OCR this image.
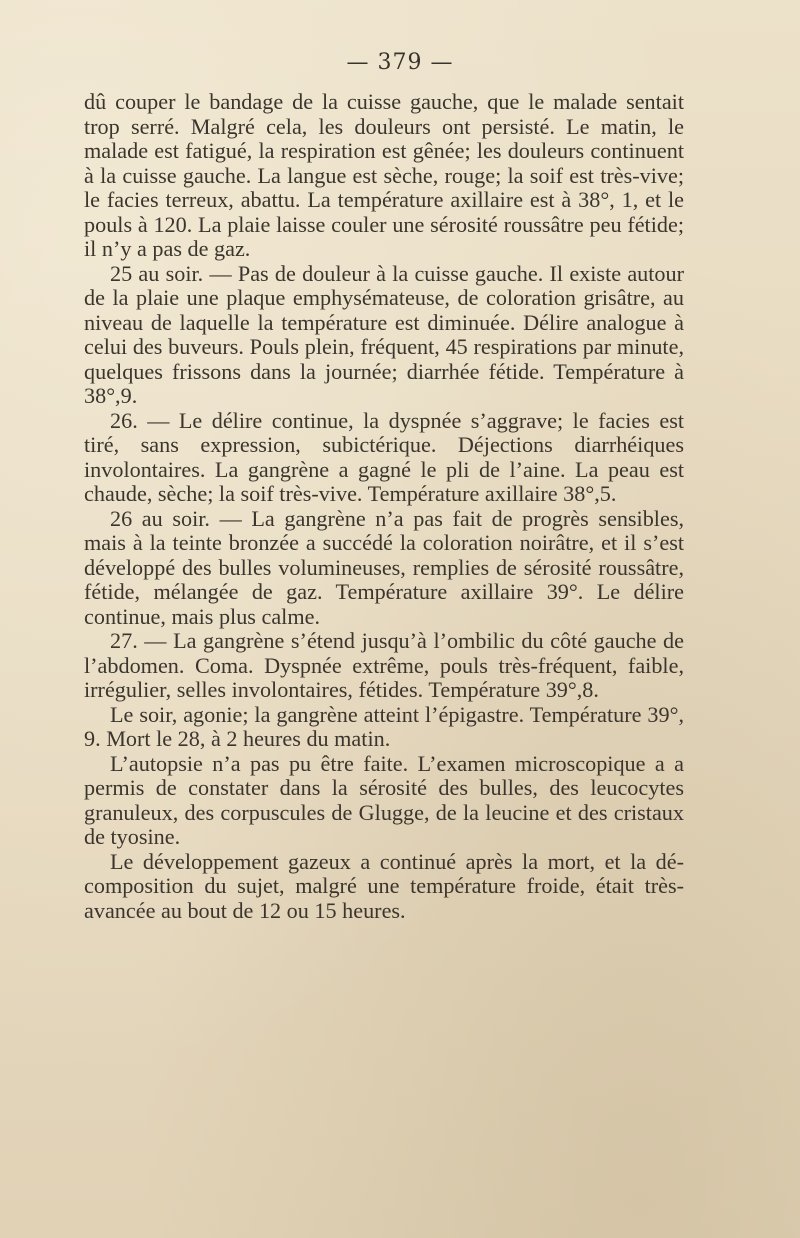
— 379 —

dû couper le bandage de la cuisse gauche, que le malade sentait trop serré. Malgré cela, les douleurs ont persisté. Le matin, le malade est fatigué, la respiration est gênée; les douleurs continuent à la cuisse gauche. La langue est sèche, rouge; la soif est très-vive; le facies terreux, abattu. La température axillaire est à 38°, 1, et le pouls à 120. La plaie laisse couler une sérosité roussâtre peu fétide; il n’y a pas de gaz.

25 au soir. — Pas de douleur à la cuisse gauche. Il existe autour de la plaie une plaque emphysémateuse, de coloration grisâtre, au niveau de laquelle la température est diminuée. Délire analogue à celui des buveurs. Pouls plein, fréquent, 45 respirations par minute, quelques frissons dans la journée; diarrhée fétide. Température à 38°,9.

26. — Le délire continue, la dyspnée s’aggrave; le facies est tiré, sans expression, subictérique. Déjections diarrhéiques involontaires. La gangrène a gagné le pli de l’aine. La peau est chaude, sèche; la soif très-vive. Température axillaire 38°,5.

26 au soir. — La gangrène n’a pas fait de progrès sensibles, mais à la teinte bronzée a succédé la coloration noirâtre, et il s’est développé des bulles volumineuses, remplies de sérosité roussâtre, fétide, mélangée de gaz. Température axillaire 39°. Le délire continue, mais plus calme.

27. — La gangrène s’étend jusqu’à l’ombilic du côté gauche de l’abdomen. Coma. Dyspnée extrême, pouls très-fréquent, faible, irrégulier, selles involontaires, fétides. Température 39°,8.

Le soir, agonie; la gangrène atteint l’épigastre. Température 39°, 9. Mort le 28, à 2 heures du matin.

L’autopsie n’a pas pu être faite. L’examen microscopique a a permis de constater dans la sérosité des bulles, des leucocytes granuleux, des corpuscules de Glugge, de la leucine et des cristaux de tyosine.

Le développement gazeux a continué après la mort, et la décomposition du sujet, malgré une température froide, était très-avancée au bout de 12 ou 15 heures.
